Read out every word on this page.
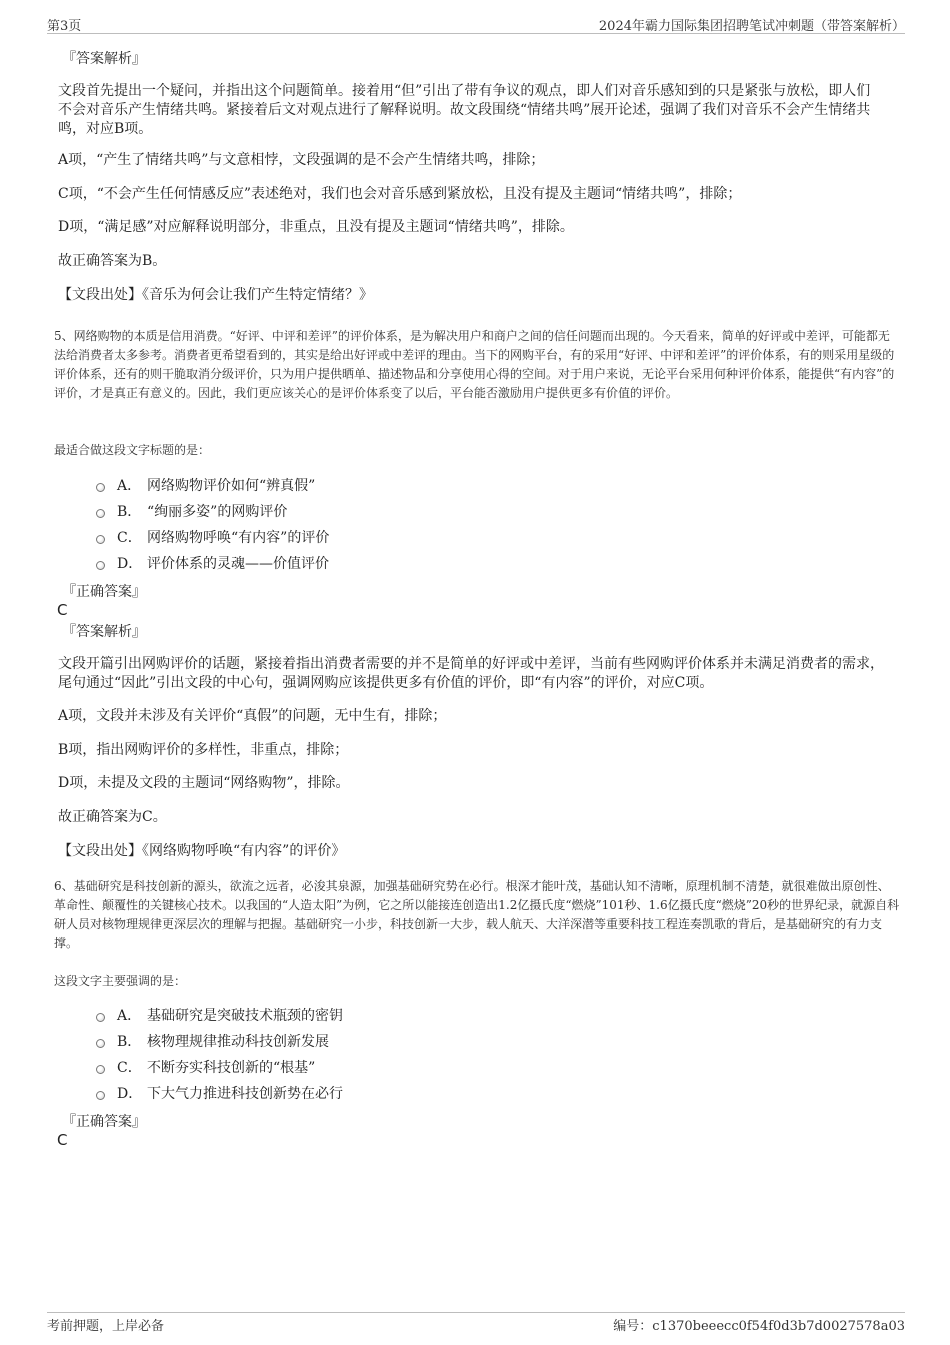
第3页	2024年霸力国际集团招聘笔试冲刺题（带答案解析）
『答案解析』
文段首先提出一个疑问，并指出这个问题简单。接着用“但”引出了带有争议的观点，即人们对音乐感知到的只是紧张与放松，即人们不会对音乐产生情绪共鸣。紧接着后文对观点进行了解释说明。故文段围绕“情绪共鸣”展开论述，强调了我们对音乐不会产生情绪共鸣，对应B项。
A项，“产生了情绪共鸣”与文意相悖，文段强调的是不会产生情绪共鸣，排除；
C项，“不会产生任何情感反应”表述绝对，我们也会对音乐感到紧放松，且没有提及主题词“情绪共鸣”，排除；
D项，“满足感”对应解释说明部分，非重点，且没有提及主题词“情绪共鸣”，排除。
故正确答案为B。
【文段出处】《音乐为何会让我们产生特定情绪？》
5、网络购物的本质是信用消费。“好评、中评和差评”的评价体系，是为解决用户和商户之间的信任问题而出现的。今天看来，简单的好评或中差评，可能都无法给消费者太多参考。消费者更希望看到的，其实是给出好评或中差评的理由。当下的网购平台，有的采用“好评、中评和差评”的评价体系，有的则采用星级的评价体系，还有的则干脆取消分级评价，只为用户提供晒单、描述物品和分享使用心得的空间。对于用户来说，无论平台采用何种评价体系，能提供“有内容”的评价，才是真正有意义的。因此，我们更应该关心的是评价体系变了以后，平台能否激励用户提供更多有价值的评价。
最适合做这段文字标题的是：
A． 网络购物评价如何“辨真假”
B． “绚丽多姿”的网购评价
C． 网络购物呼唤“有内容”的评价
D． 评价体系的灵魂——价值评价
『正确答案』
C
『答案解析』
文段开篇引出网购评价的话题，紧接着指出消费者需要的并不是简单的好评或中差评，当前有些网购评价体系并未满足消费者的需求，尾句通过“因此”引出文段的中心句，强调网购应该提供更多有价值的评价，即“有内容”的评价，对应C项。
A项，文段并未涉及有关评价“真假”的问题，无中生有，排除；
B项，指出网购评价的多样性，非重点，排除；
D项，未提及文段的主题词“网络购物”，排除。
故正确答案为C。
【文段出处】《网络购物呼唤“有内容”的评价》
6、基础研究是科技创新的源头，欲流之远者，必浚其泉源，加强基础研究势在必行。根深才能叶茂，基础认知不清晰，原理机制不清楚，就很难做出原创性、革命性、颠覆性的关键核心技术。以我国的“人造太阳”为例，它之所以能接连创造出1.2亿摄氏度“燃烧”101秒、1.6亿摄氏度“燃烧”20秒的世界纪录，就源自科研人员对核物理规律更深层次的理解与把握。基础研究一小步，科技创新一大步，载人航天、大洋深潜等重要科技工程连奏凯歌的背后，是基础研究的有力支撑。
这段文字主要强调的是：
A． 基础研究是突破技术瓶颈的密钥
B． 核物理规律推动科技创新发展
C． 不断夯实科技创新的“根基”
D． 下大气力推进科技创新势在必行
『正确答案』
C
考前押题，上岸必备	编号：c1370beeecc0f54f0d3b7d0027578a03
